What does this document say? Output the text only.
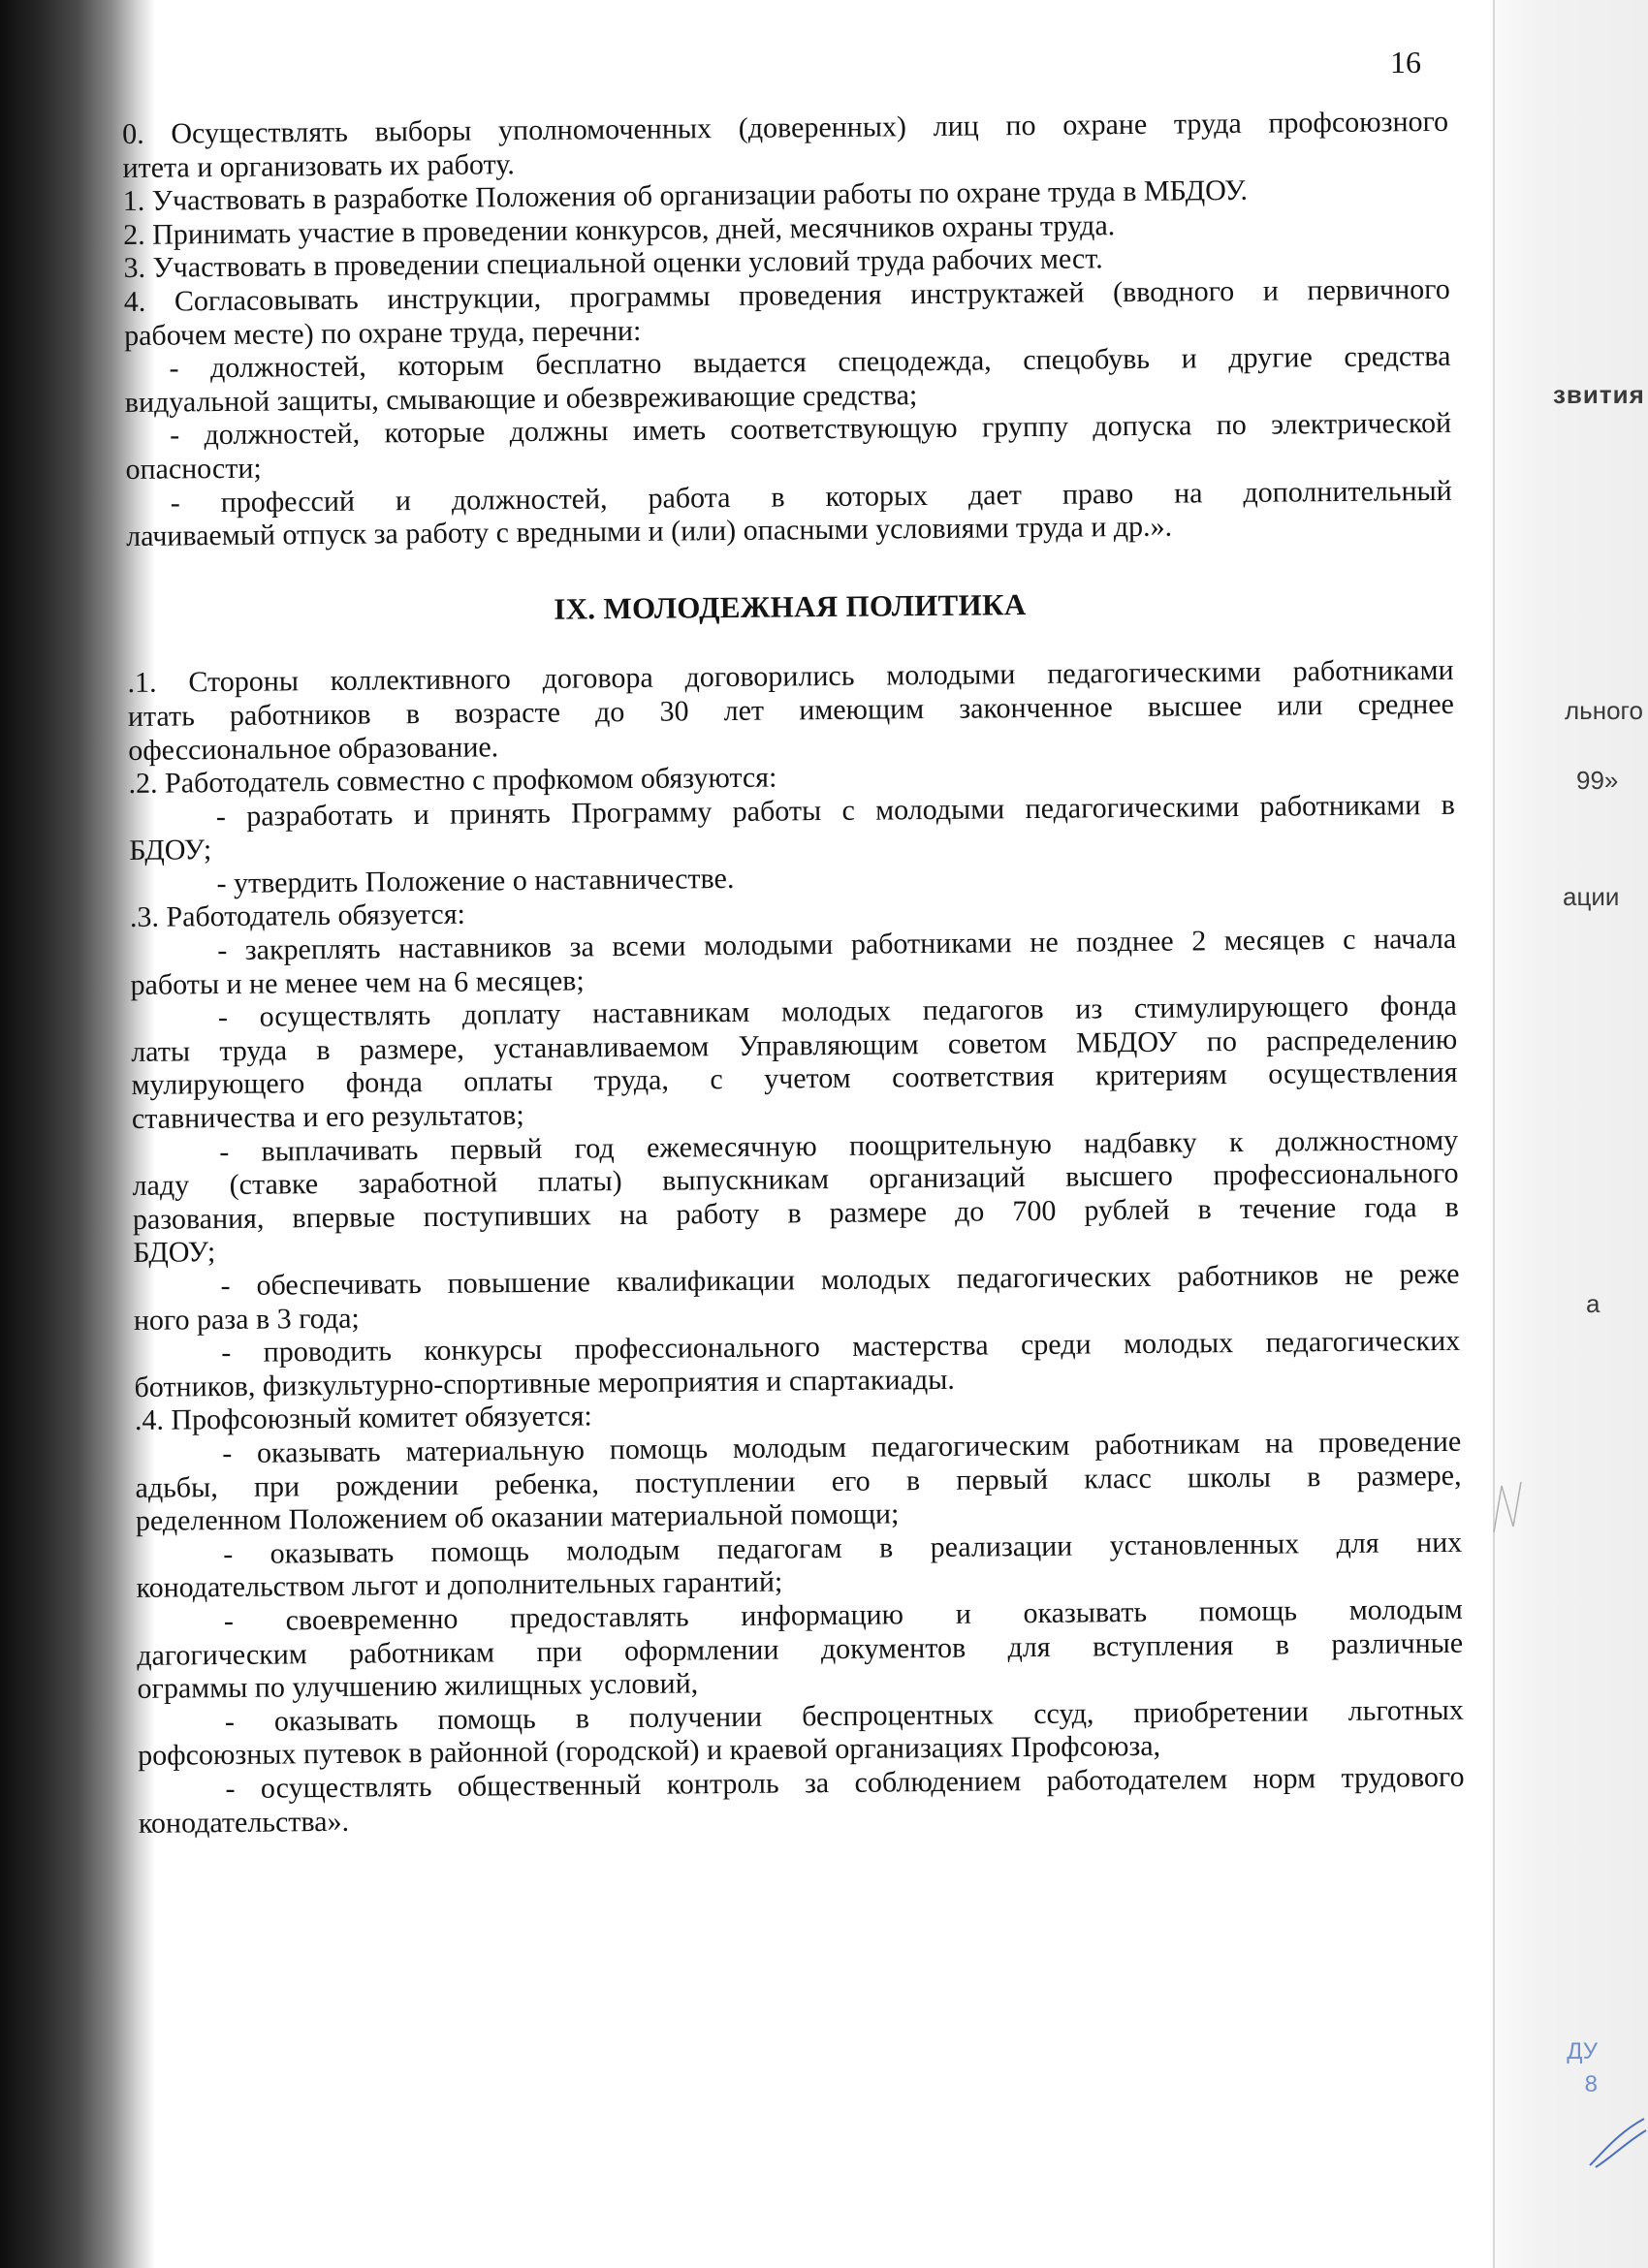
звития
льного
99»
ации
а
ДУ
8
16
0. Осуществлять выборы уполномоченных (доверенных) лиц по охране труда профсоюзного
итета и организовать их работу.
1. Участвовать в разработке Положения об организации работы по охране труда в МБДОУ.
2. Принимать участие в проведении конкурсов, дней, месячников охраны труда.
3. Участвовать в проведении специальной оценки условий труда рабочих мест.
4. Согласовывать инструкции, программы проведения инструктажей (вводного и первичного
рабочем месте) по охране труда, перечни:
- должностей, которым бесплатно выдается спецодежда, спецобувь и другие средства
видуальной защиты, смывающие и обезвреживающие средства;
- должностей, которые должны иметь соответствующую группу допуска по электрической
опасности;
- профессий и должностей, работа в которых дает право на дополнительный
лачиваемый отпуск за работу с вредными и (или) опасными условиями труда и др.».
IX. МОЛОДЕЖНАЯ ПОЛИТИКА
.1. Стороны коллективного договора договорились молодыми педагогическими работниками
итать работников в возрасте до 30 лет имеющим законченное высшее или среднее
офессиональное образование.
.2. Работодатель совместно с профкомом обязуются:
- разработать и принять Программу работы с молодыми педагогическими работниками в
БДОУ;
- утвердить Положение о наставничестве.
.3. Работодатель обязуется:
- закреплять наставников за всеми молодыми работниками не позднее 2 месяцев с начала
работы и не менее чем на 6 месяцев;
- осуществлять доплату наставникам молодых педагогов из стимулирующего фонда
латы труда в размере, устанавливаемом Управляющим советом МБДОУ по распределению
мулирующего фонда оплаты труда, с учетом соответствия критериям осуществления
ставничества и его результатов;
- выплачивать первый год ежемесячную поощрительную надбавку к должностному
ладу (ставке заработной платы) выпускникам организаций высшего профессионального
разования, впервые поступивших на работу в размере до 700 рублей в течение года в
БДОУ;
- обеспечивать повышение квалификации молодых педагогических работников не реже
ного раза в 3 года;
- проводить конкурсы профессионального мастерства среди молодых педагогических
ботников, физкультурно-спортивные мероприятия и спартакиады.
.4. Профсоюзный комитет обязуется:
- оказывать материальную помощь молодым педагогическим работникам на проведение
адьбы, при рождении ребенка, поступлении его в первый класс школы в размере,
ределенном Положением об оказании материальной помощи;
- оказывать помощь молодым педагогам в реализации установленных для них
конодательством льгот и дополнительных гарантий;
- своевременно предоставлять информацию и оказывать помощь молодым
дагогическим работникам при оформлении документов для вступления в различные
ограммы по улучшению жилищных условий,
- оказывать помощь в получении беспроцентных ссуд, приобретении льготных
рофсоюзных путевок в районной (городской) и краевой организациях Профсоюза,
- осуществлять общественный контроль за соблюдением работодателем норм трудового
конодательства».
